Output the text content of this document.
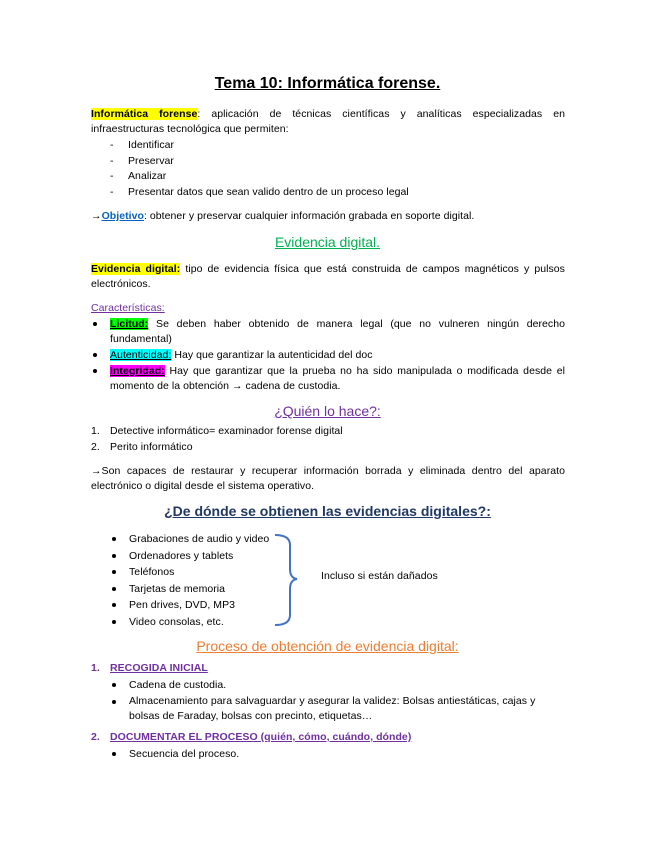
Tema 10: Informática forense.
Informática forense: aplicación de técnicas científicas y analíticas especializadas en infraestructuras tecnológica que permiten:
- Identificar
- Preservar
- Analizar
- Presentar datos que sean valido dentro de un proceso legal
→Objetivo: obtener y preservar cualquier información grabada en soporte digital.
Evidencia digital.
Evidencia digital: tipo de evidencia física que está construida de campos magnéticos y pulsos electrónicos.
Características:
Licitud: Se deben haber obtenido de manera legal (que no vulneren ningún derecho fundamental)
Autenticidad: Hay que garantizar la autenticidad del doc
Integridad: Hay que garantizar que la prueba no ha sido manipulada o modificada desde el momento de la obtención → cadena de custodia.
¿Quién lo hace?:
1. Detective informático= examinador forense digital
2. Perito informático
→Son capaces de restaurar y recuperar información borrada y eliminada dentro del aparato electrónico o digital desde el sistema operativo.
¿De dónde se obtienen las evidencias digitales?:
Grabaciones de audio y video
Ordenadores y tablets
Teléfonos
Tarjetas de memoria
Pen drives, DVD, MP3
Video consolas, etc.
Incluso si están dañados
Proceso de obtención de evidencia digital:
1. RECOGIDA INICIAL
Cadena de custodia.
Almacenamiento para salvaguardar y asegurar la validez: Bolsas antiestáticas, cajas y bolsas de Faraday, bolsas con precinto, etiquetas…
2. DOCUMENTAR EL PROCESO (quién, cómo, cuándo, dónde)
Secuencia del proceso.
